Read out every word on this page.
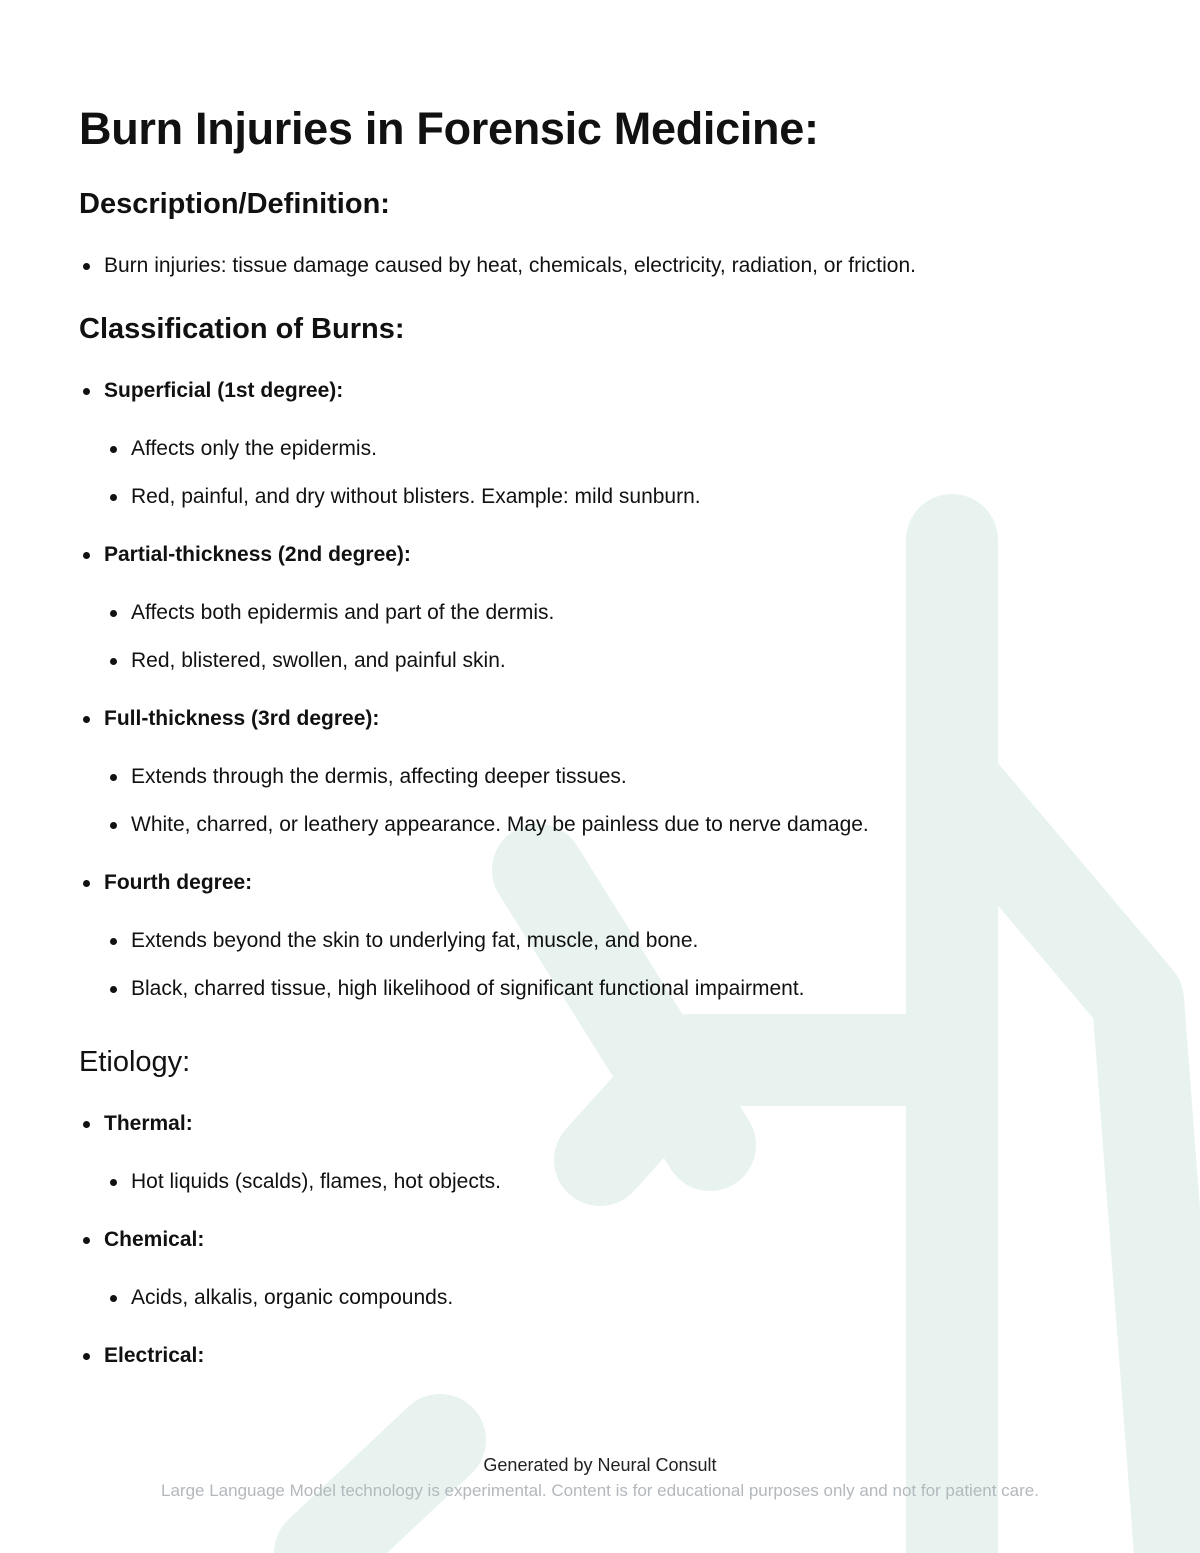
Burn Injuries in Forensic Medicine:
Description/Definition:
Burn injuries: tissue damage caused by heat, chemicals, electricity, radiation, or friction.
Classification of Burns:
Superficial (1st degree):
Affects only the epidermis.
Red, painful, and dry without blisters. Example: mild sunburn.
Partial-thickness (2nd degree):
Affects both epidermis and part of the dermis.
Red, blistered, swollen, and painful skin.
Full-thickness (3rd degree):
Extends through the dermis, affecting deeper tissues.
White, charred, or leathery appearance. May be painless due to nerve damage.
Fourth degree:
Extends beyond the skin to underlying fat, muscle, and bone.
Black, charred tissue, high likelihood of significant functional impairment.
Etiology:
Thermal:
Hot liquids (scalds), flames, hot objects.
Chemical:
Acids, alkalis, organic compounds.
Electrical:
Generated by Neural Consult
Large Language Model technology is experimental. Content is for educational purposes only and not for patient care.
